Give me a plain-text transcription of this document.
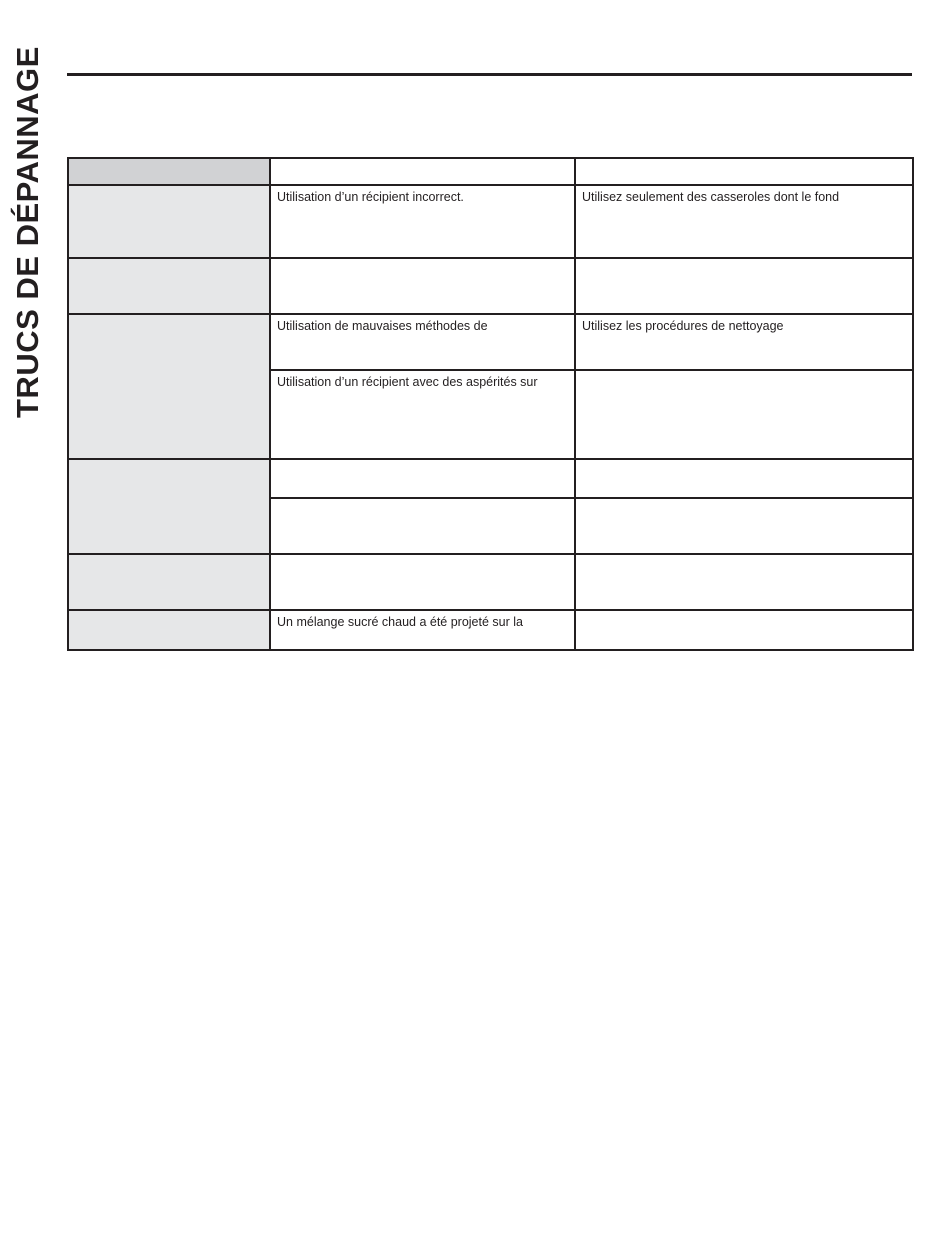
TRUCS DE DÉPANNAGE

		Utilisation d’un récipient incorrect.	Utilisez seulement des casseroles dont le fond

	Utilisation de mauvaises méthodes de	Utilisez les procédures de nettoyage
	Utilisation d’un récipient avec des aspérités sur	

	Un mélange sucré chaud a été projeté sur la	
